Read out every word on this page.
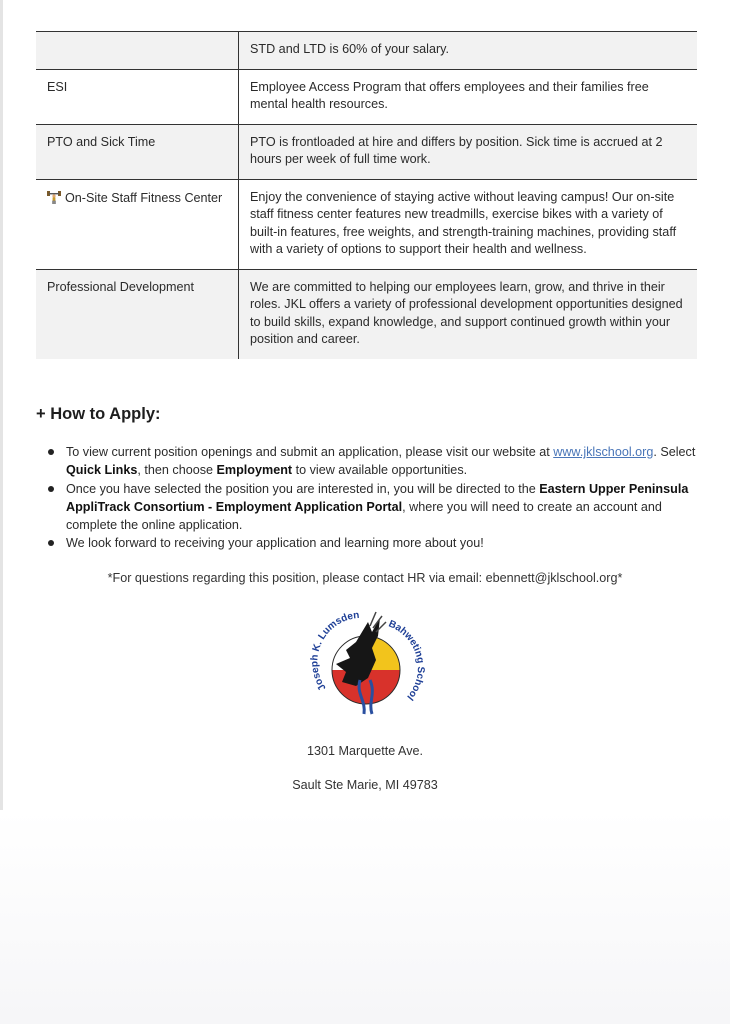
	STD and LTD is 60% of your salary.
ESI	Employee Access Program that offers employees and their families free mental health resources.
PTO and Sick Time	PTO is frontloaded at hire and differs by position. Sick time is accrued at 2 hours per week of full time work.
On-Site Staff Fitness Center	Enjoy the convenience of staying active without leaving campus! Our on-site staff fitness center features new treadmills, exercise bikes with a variety of built-in features, free weights, and strength-training machines, providing staff with a variety of options to support their health and wellness.
Professional Development	We are committed to helping our employees learn, grow, and thrive in their roles. JKL offers a variety of professional development opportunities designed to build skills, expand knowledge, and support continued growth within your position and career.
+ How to Apply:
To view current position openings and submit an application, please visit our website at www.jklschool.org. Select Quick Links, then choose Employment to view available opportunities.
Once you have selected the position you are interested in, you will be directed to the Eastern Upper Peninsula AppliTrack Consortium - Employment Application Portal, where you will need to create an account and complete the online application.
We look forward to receiving your application and learning more about you!
*For questions regarding this position, please contact HR via email: ebennett@jklschool.org*
Joseph K. Lumsden
Bahweting School
1301 Marquette Ave.
Sault Ste Marie, MI 49783
